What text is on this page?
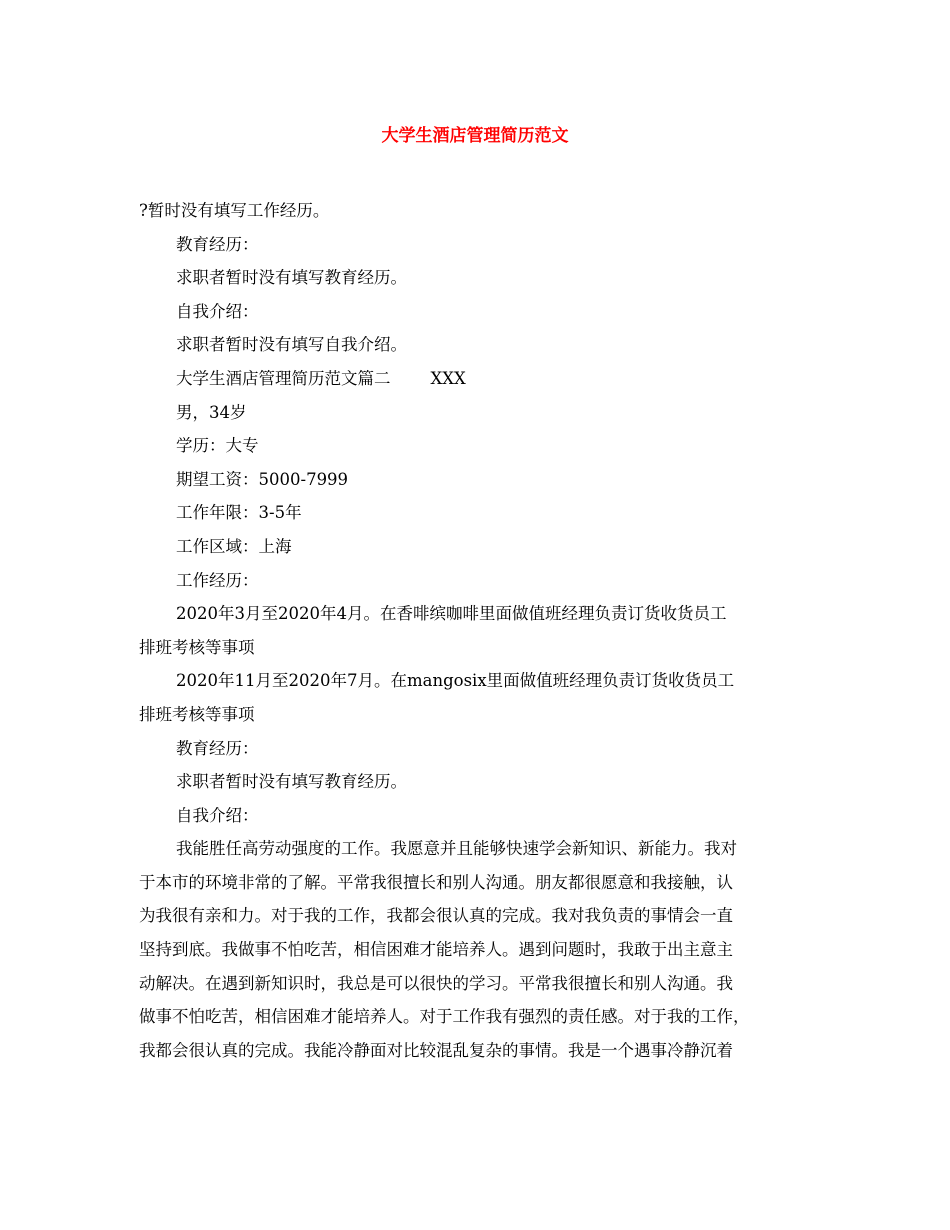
大学生酒店管理简历范文
?暂时没有填写工作经历。
教育经历：
求职者暂时没有填写教育经历。
自我介绍：
求职者暂时没有填写自我介绍。
大学生酒店管理简历范文篇二 XXX
男，34岁
学历：大专
期望工资：5000-7999
工作年限：3-5年
工作区域：上海
工作经历：
2020年3月至2020年4月。在香啡缤咖啡里面做值班经理负责订货收货员工
排班考核等事项
2020年11月至2020年7月。在mangosix里面做值班经理负责订货收货员工
排班考核等事项
教育经历：
求职者暂时没有填写教育经历。
自我介绍：
我能胜任高劳动强度的工作。我愿意并且能够快速学会新知识、新能力。我对
于本市的环境非常的了解。平常我很擅长和别人沟通。朋友都很愿意和我接触，认
为我很有亲和力。对于我的工作，我都会很认真的完成。我对我负责的事情会一直
坚持到底。我做事不怕吃苦，相信困难才能培养人。遇到问题时，我敢于出主意主
动解决。在遇到新知识时，我总是可以很快的学习。平常我很擅长和别人沟通。我
做事不怕吃苦，相信困难才能培养人。对于工作我有强烈的责任感。对于我的工作，
我都会很认真的完成。我能冷静面对比较混乱复杂的事情。我是一个遇事冷静沉着
